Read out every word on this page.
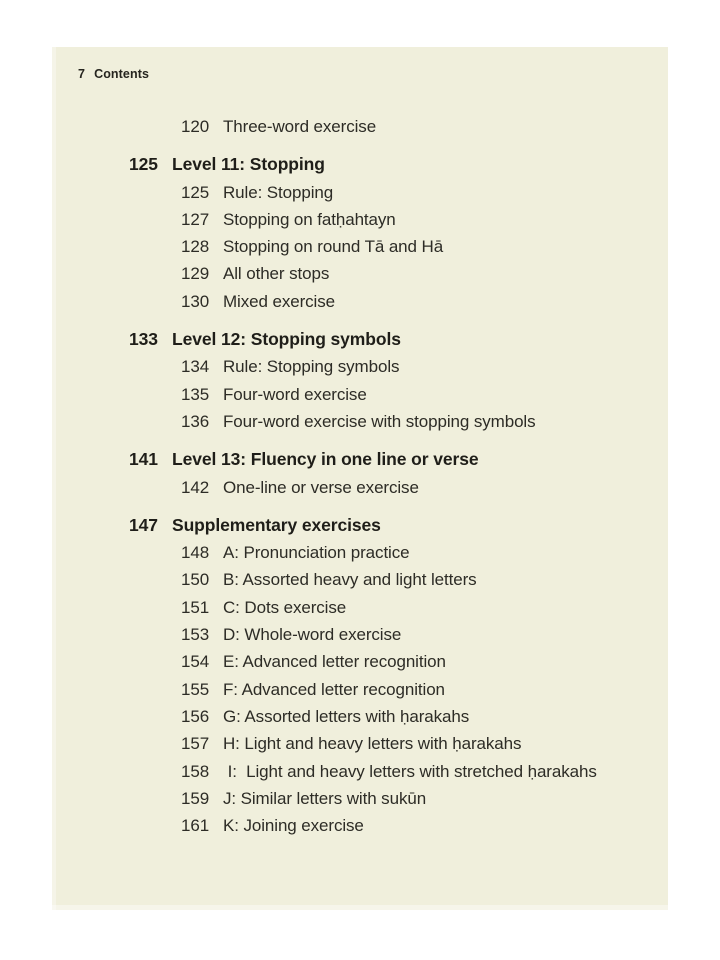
7 Contents
120 Three-word exercise
125 Level 11: Stopping
125 Rule: Stopping
127 Stopping on fatḥahtayn
128 Stopping on round Tā and Hā
129 All other stops
130 Mixed exercise
133 Level 12: Stopping symbols
134 Rule: Stopping symbols
135 Four-word exercise
136 Four-word exercise with stopping symbols
141 Level 13: Fluency in one line or verse
142 One-line or verse exercise
147 Supplementary exercises
148 A: Pronunciation practice
150 B: Assorted heavy and light letters
151 C: Dots exercise
153 D: Whole-word exercise
154 E: Advanced letter recognition
155 F: Advanced letter recognition
156 G: Assorted letters with ḥarakahs
157 H: Light and heavy letters with ḥarakahs
158 I:  Light and heavy letters with stretched ḥarakahs
159 J: Similar letters with sukūn
161 K: Joining exercise
